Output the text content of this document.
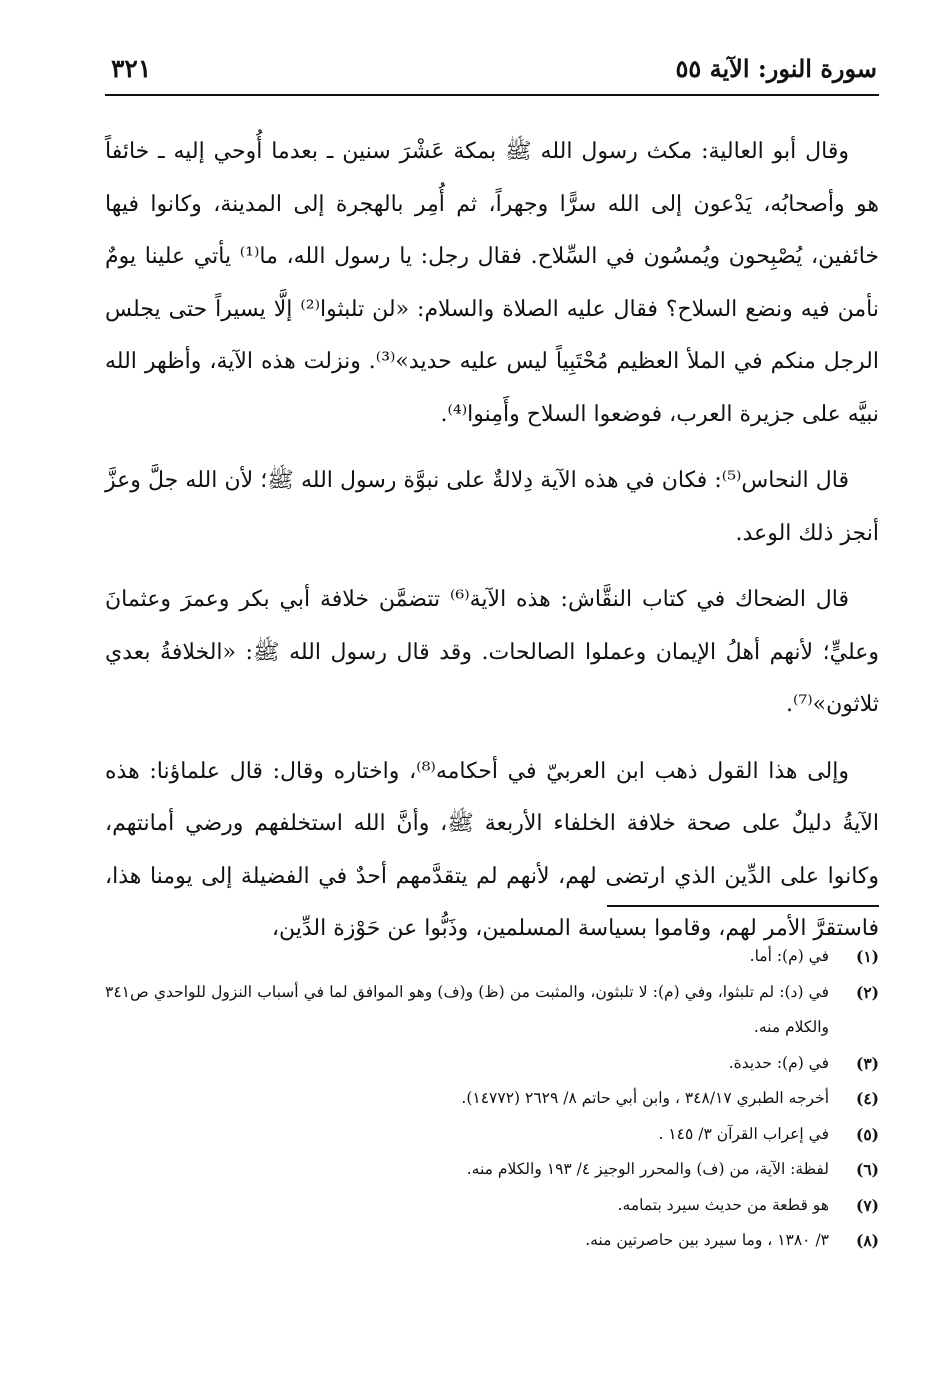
سورة النور: الآية ٥٥
٣٢١

وقال أبو العالية: مكث رسول الله ﷺ بمكة عَشْرَ سنين ـ بعدما أُوحي إليه ـ خائفاً هو وأصحابُه، يَدْعون إلى الله سرًّا وجهراً، ثم أُمِر بالهجرة إلى المدينة، وكانوا فيها خائفين، يُصْبِحون ويُمسُون في السِّلاح. فقال رجل: يا رسول الله، ما⁽¹⁾ يأتي علينا يومٌ نأمن فيه ونضع السلاح؟ فقال عليه الصلاة والسلام: «لن تلبثوا⁽²⁾ إلَّا يسيراً حتى يجلس الرجل منكم في الملأ العظيم مُحْتَبِياً ليس عليه حديد»⁽³⁾. ونزلت هذه الآية، وأظهر الله نبيَّه على جزيرة العرب، فوضعوا السلاح وأَمِنوا⁽⁴⁾.

قال النحاس⁽⁵⁾: فكان في هذه الآية دِلالةٌ على نبوَّة رسول الله ﷺ؛ لأن الله جلَّ وعزَّ أنجز ذلك الوعد.

قال الضحاك في كتاب النقَّاش: هذه الآية⁽⁶⁾ تتضمَّن خلافة أبي بكر وعمرَ وعثمانَ وعليٍّ؛ لأنهم أهلُ الإيمان وعملوا الصالحات. وقد قال رسول الله ﷺ: «الخلافةُ بعدي ثلاثون»⁽⁷⁾.

وإلى هذا القول ذهب ابن العربيّ في أحكامه⁽⁸⁾، واختاره وقال: قال علماؤنا: هذه الآيةُ دليلٌ على صحة خلافة الخلفاء الأربعة ﷺ، وأنَّ الله استخلفهم ورضي أمانتهم، وكانوا على الدِّين الذي ارتضى لهم، لأنهم لم يتقدَّمهم أحدٌ في الفضيلة إلى يومنا هذا، فاستقرَّ الأمر لهم، وقاموا بسياسة المسلمين، وذَبُّوا عن حَوْزة الدِّين،

(١)
في (م): أما.
(٢)
في (د): لم تلبثوا، وفي (م): لا تلبثون، والمثبت من (ظ) و(ف) وهو الموافق لما في أسباب النزول للواحدي ص٣٤١ والكلام منه.
(٣)
في (م): حديدة.
(٤)
أخرجه الطبري ٣٤٨/١٧ ، وابن أبي حاتم ٨/ ٢٦٢٩ (١٤٧٧٢).
(٥)
في إعراب القرآن ٣/ ١٤٥ .
(٦)
لفظة: الآية، من (ف) والمحرر الوجيز ٤/ ١٩٣ والكلام منه.
(٧)
هو قطعة من حديث سيرد بتمامه.
(٨)
٣/ ١٣٨٠ ، وما سيرد بين حاصرتين منه.
